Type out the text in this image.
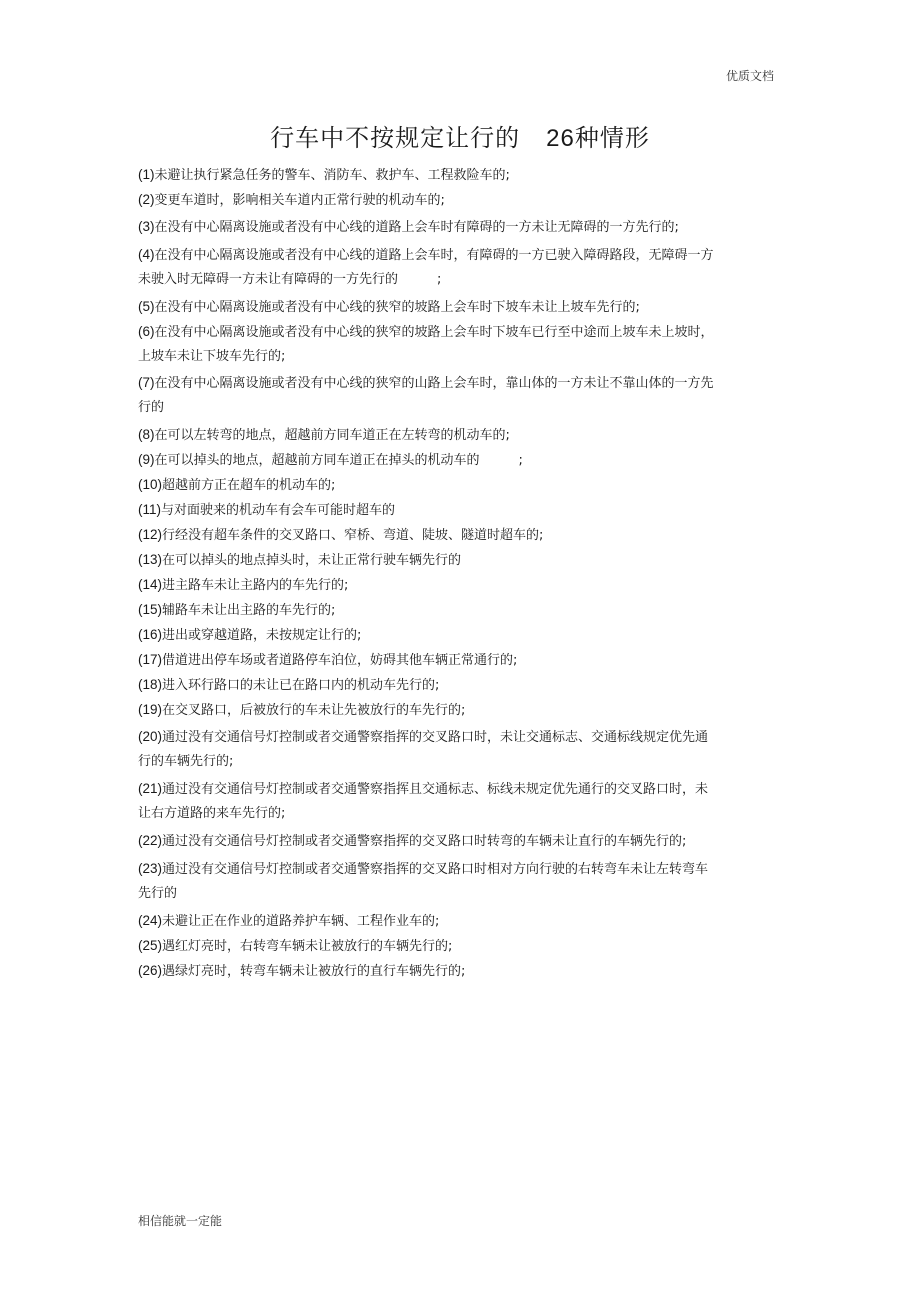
优质文档
行车中不按规定让行的 26种情形
(1)未避让执行紧急任务的警车、消防车、救护车、工程救险车的;
(2)变更车道时，影响相关车道内正常行驶的机动车的;
(3)在没有中心隔离设施或者没有中心线的道路上会车时有障碍的一方未让无障碍的一方先行的;
(4)在没有中心隔离设施或者没有中心线的道路上会车时，有障碍的一方已驶入障碍路段，无障碍一方未驶入时无障碍一方未让有障碍的一方先行的　　　;
(5)在没有中心隔离设施或者没有中心线的狭窄的坡路上会车时下坡车未让上坡车先行的;
(6)在没有中心隔离设施或者没有中心线的狭窄的坡路上会车时下坡车已行至中途而上坡车未上坡时，上坡车未让下坡车先行的;
(7)在没有中心隔离设施或者没有中心线的狭窄的山路上会车时，靠山体的一方未让不靠山体的一方先行的
(8)在可以左转弯的地点，超越前方同车道正在左转弯的机动车的;
(9)在可以掉头的地点，超越前方同车道正在掉头的机动车的　　　;
(10)超越前方正在超车的机动车的;
(11)与对面驶来的机动车有会车可能时超车的
(12)行经没有超车条件的交叉路口、窄桥、弯道、陡坡、隧道时超车的;
(13)在可以掉头的地点掉头时，未让正常行驶车辆先行的
(14)进主路车未让主路内的车先行的;
(15)辅路车未让出主路的车先行的;
(16)进出或穿越道路，未按规定让行的;
(17)借道进出停车场或者道路停车泊位，妨碍其他车辆正常通行的;
(18)进入环行路口的未让已在路口内的机动车先行的;
(19)在交叉路口，后被放行的车未让先被放行的车先行的;
(20)通过没有交通信号灯控制或者交通警察指挥的交叉路口时，未让交通标志、交通标线规定优先通行的车辆先行的;
(21)通过没有交通信号灯控制或者交通警察指挥且交通标志、标线未规定优先通行的交叉路口时，未让右方道路的来车先行的;
(22)通过没有交通信号灯控制或者交通警察指挥的交叉路口时转弯的车辆未让直行的车辆先行的;
(23)通过没有交通信号灯控制或者交通警察指挥的交叉路口时相对方向行驶的右转弯车未让左转弯车先行的
(24)未避让正在作业的道路养护车辆、工程作业车的;
(25)遇红灯亮时，右转弯车辆未让被放行的车辆先行的;
(26)遇绿灯亮时，转弯车辆未让被放行的直行车辆先行的;
相信能就一定能
